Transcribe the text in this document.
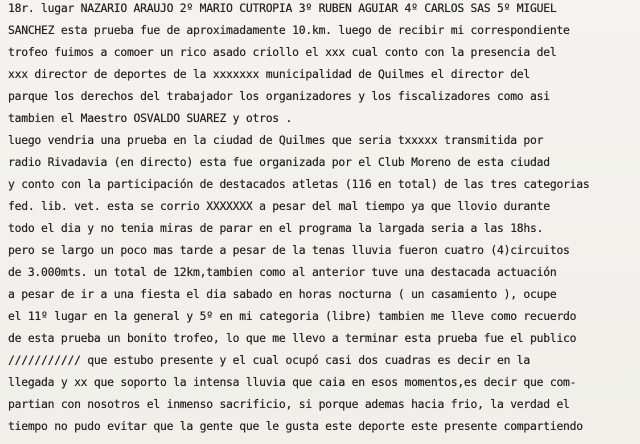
18r. lugar NAZARIO ARAUJO 2º MARIO CUTROPIA 3º RUBEN AGUIAR 4º CARLOS SAS 5º MIGUEL
SANCHEZ esta prueba fue de aproximadamente 10.km. luego de recibir mi correspondiente
trofeo fuimos a comoer un rico asado criollo el xxx cual conto con la presencia del
xxx director de deportes de la xxxxxxx municipalidad de Quilmes el director del
parque los derechos del trabajador los organizadores y los fiscalizadores como asi
tambien el Maestro OSVALDO SUAREZ y otros .
luego vendria una prueba en la ciudad de Quilmes que seria txxxxx transmitida por
radio Rivadavia (en directo) esta fue organizada por el Club Moreno de esta ciudad
y conto con la participación de destacados atletas (116 en total) de las tres categorias
fed. lib. vet. esta se corrio XXXXXXX a pesar del mal tiempo ya que llovio durante
todo el dia y no tenia miras de parar en el programa la largada seria a las 18hs.
pero se largo un poco mas tarde a pesar de la tenas lluvia fueron cuatro (4)circuitos
de 3.000mts. un total de 12km,tambien como al anterior tuve una destacada actuación
a pesar de ir a una fiesta el dia sabado en horas nocturna ( un casamiento ), ocupe
el 11º lugar en la general y 5º en mi categoria (libre) tambien me lleve como recuerdo
de esta prueba un bonito trofeo, lo que me llevo a terminar esta prueba fue el publico
/////////// que estubo presente y el cual ocupó casi dos cuadras es decir en la
llegada y xx que soporto la intensa lluvia que caia en esos momentos,es decir que com-
partian con nosotros el inmenso sacrificio, si porque ademas hacia frio, la verdad el
tiempo no pudo evitar que la gente que le gusta este deporte este presente compartiendo
